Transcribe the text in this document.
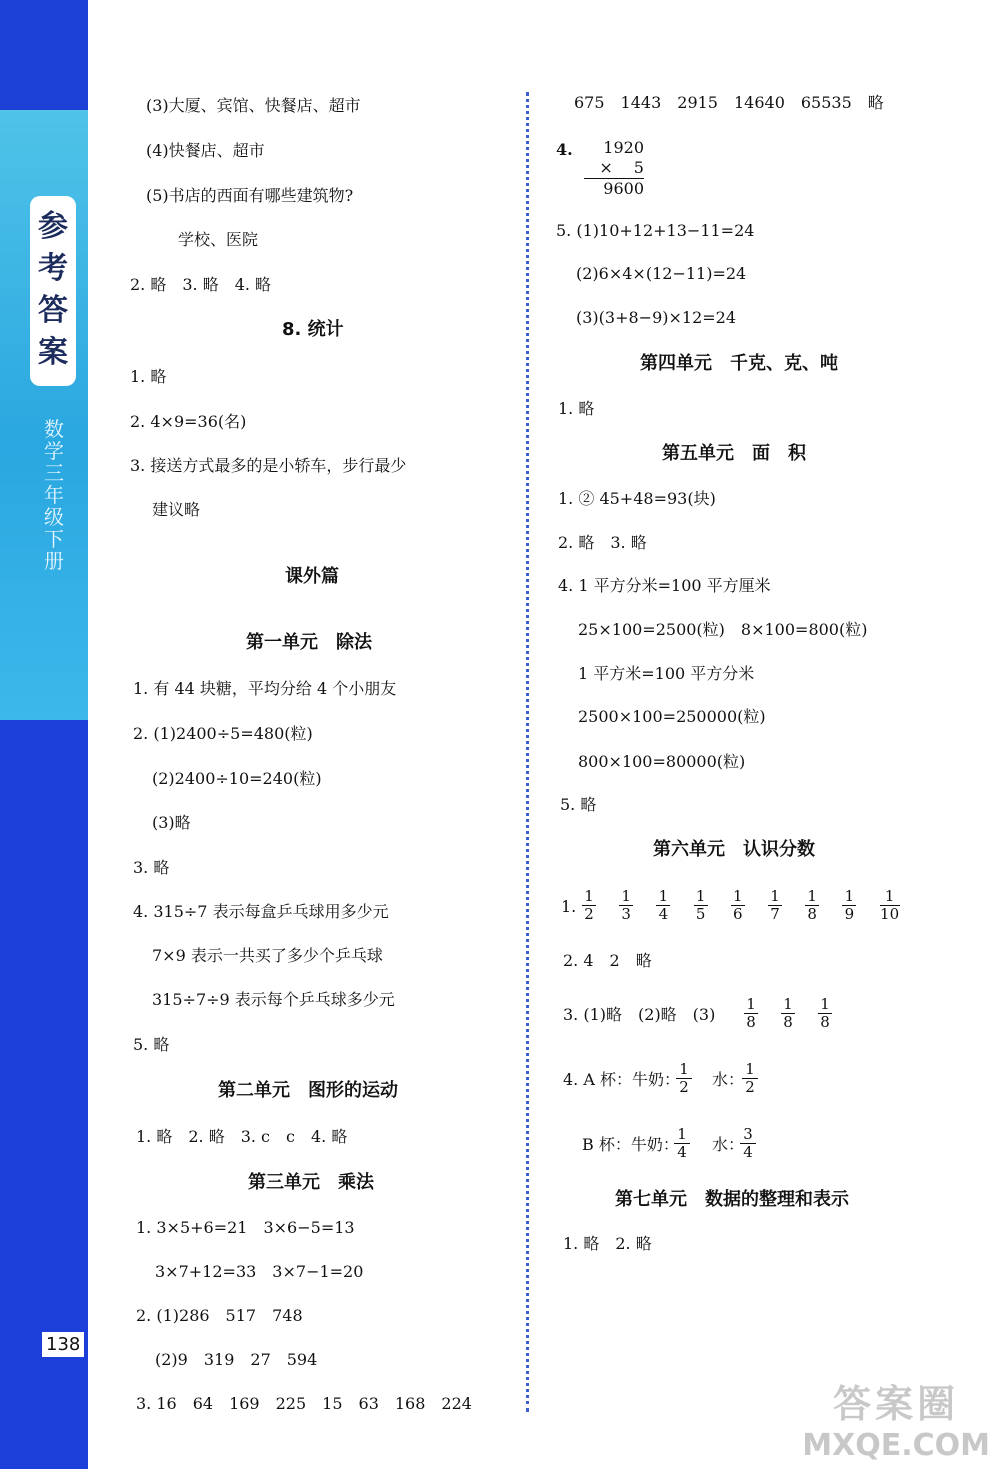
参考答案
数学 三年级下册
138
(3)大厦、宾馆、快餐店、超市
(4)快餐店、超市
(5)书店的西面有哪些建筑物?
学校、医院
2. 略　3. 略　4. 略
8. 统计
1. 略
2. 4×9=36(名)
3. 接送方式最多的是小轿车，步行最少
建议略
课外篇
第一单元　除法
1. 有 44 块糖，平均分给 4 个小朋友
2. (1)2400÷5=480(粒)
(2)2400÷10=240(粒)
(3)略
3. 略
4. 315÷7 表示每盒乒乓球用多少元
7×9 表示一共买了多少个乒乓球
315÷7÷9 表示每个乒乓球多少元
5. 略
第二单元　图形的运动
1. 略　2. 略　3. c　c　4. 略
第三单元　乘法
1. 3×5+6=21　3×6−5=13
3×7+12=33　3×7−1=20
2. (1)286　517　748
(2)9　319　27　594
3. 16　64　169　225　15　63　168　224
675　1443　2915　14640　65535　略
4.	1920
×　 5
9600
5. (1)10+12+13−11=24
(2)6×4×(12−11)=24
(3)(3+8−9)×12=24
第四单元　千克、克、吨
1. 略
第五单元　面　积
1. ② 45+48=93(块)
2. 略　3. 略
4. 1 平方分米=100 平方厘米
25×100=2500(粒)　8×100=800(粒)
1 平方米=100 平方分米
2500×100=250000(粒)
800×100=80000(粒)
5. 略
第六单元　认识分数
1. $\frac{1}{2} \frac{1}{3} \frac{1}{4} \frac{1}{5} \frac{1}{6} \frac{1}{7} \frac{1}{8} \frac{1}{9} \frac{1}{10}$
2. 4　2　略
3. (1)略　(2)略　$(3) \frac{1}{8} \frac{1}{8} \frac{1}{8}$
4. A 杯：牛奶：
$\frac{1}{2}$ 水：
$\frac{1}{2}$
B 杯：牛奶：
$\frac{1}{4}$ 水：
$\frac{3}{4}$
第七单元　数据的整理和表示
1. 略　2. 略
答案圈
MXQE.COM
